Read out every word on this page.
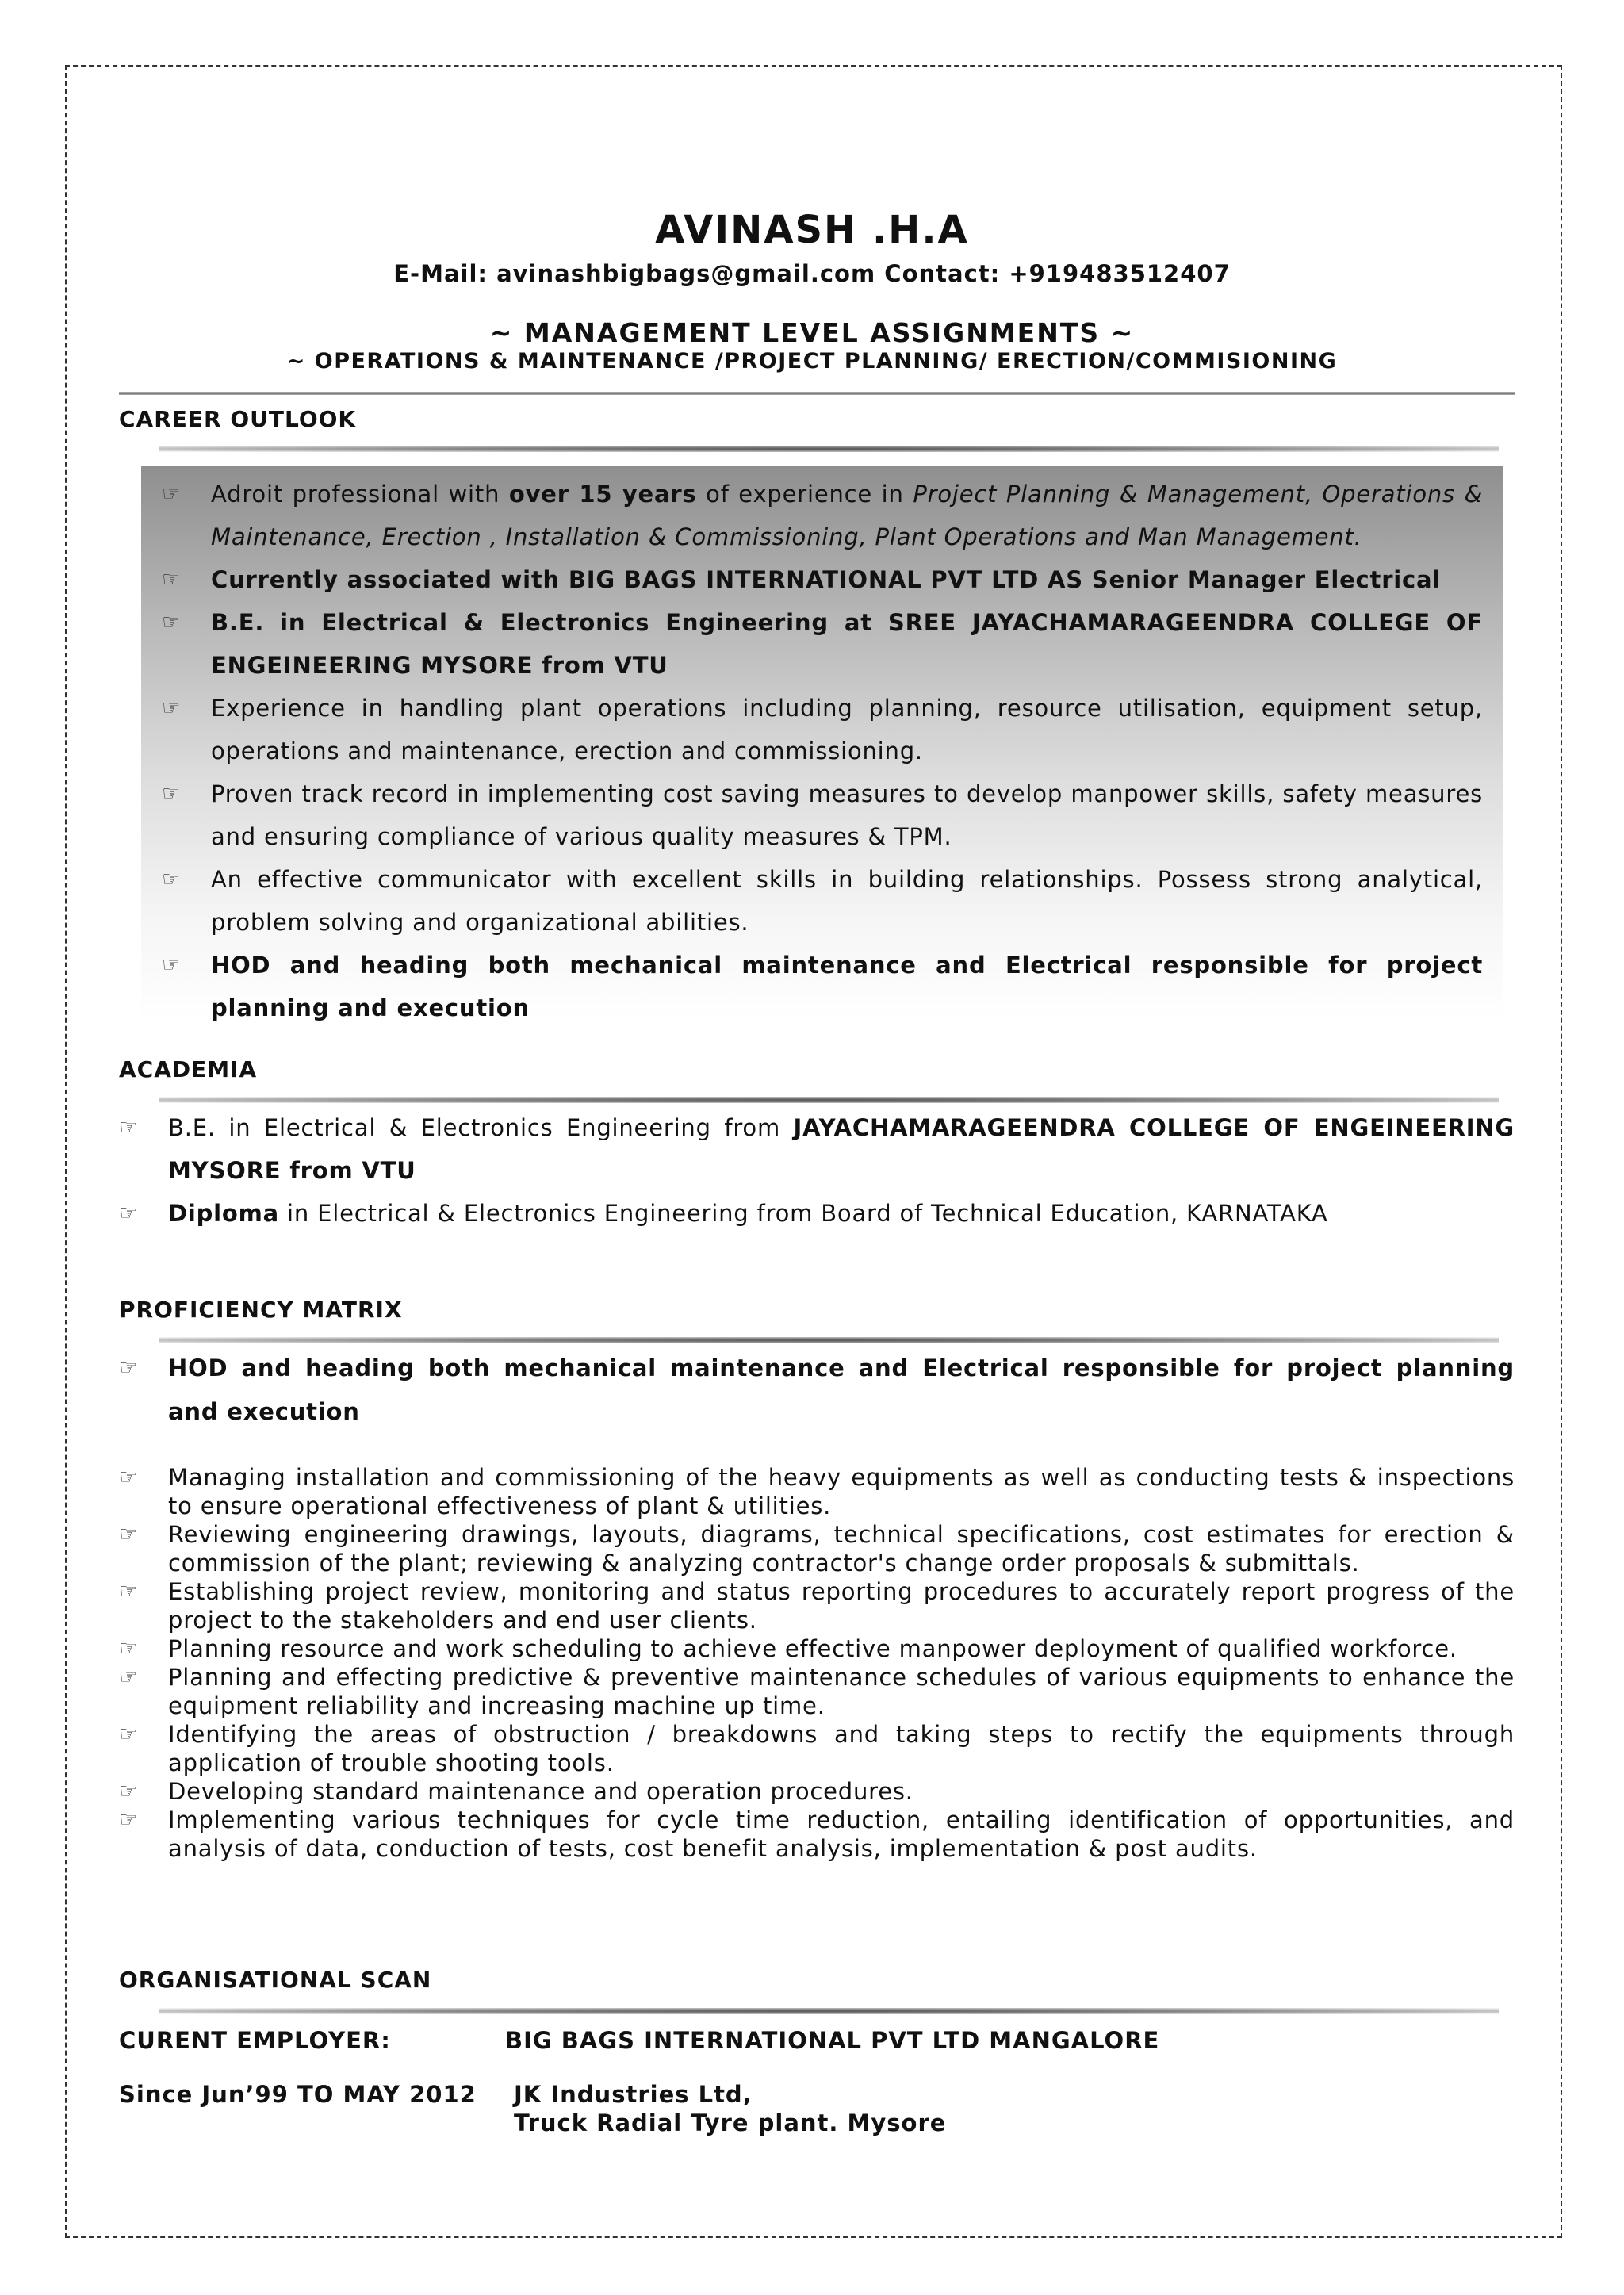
AVINASH .H.A
E-Mail: avinashbigbags@gmail.com Contact: +919483512407
~ MANAGEMENT LEVEL ASSIGNMENTS ~
~ OPERATIONS & MAINTENANCE /PROJECT PLANNING/ ERECTION/COMMISIONING
CAREER OUTLOOK
☞ Adroit professional with over 15 years of experience in Project Planning & Management, Operations & Maintenance, Erection , Installation & Commissioning, Plant Operations and Man Management.
☞ Currently associated with BIG BAGS INTERNATIONAL PVT LTD AS Senior Manager Electrical
☞ B.E. in Electrical & Electronics Engineering at SREE JAYACHAMARAGEENDRA COLLEGE OF ENGEINEERING MYSORE from VTU
☞ Experience in handling plant operations including planning, resource utilisation, equipment setup, operations and maintenance, erection and commissioning.
☞ Proven track record in implementing cost saving measures to develop manpower skills, safety measures and ensuring compliance of various quality measures & TPM.
☞ An effective communicator with excellent skills in building relationships. Possess strong analytical, problem solving and organizational abilities.
☞ HOD and heading both mechanical maintenance and Electrical responsible for project planning and execution
ACADEMIA
☞ B.E. in Electrical & Electronics Engineering from JAYACHAMARAGEENDRA COLLEGE OF ENGEINEERING MYSORE from VTU
☞ Diploma in Electrical & Electronics Engineering from Board of Technical Education, KARNATAKA
PROFICIENCY MATRIX
☞ HOD and heading both mechanical maintenance and Electrical responsible for project planning and execution
☞ Managing installation and commissioning of the heavy equipments as well as conducting tests & inspections to ensure operational effectiveness of plant & utilities.
☞ Reviewing engineering drawings, layouts, diagrams, technical specifications, cost estimates for erection & commission of the plant; reviewing & analyzing contractor's change order proposals & submittals.
☞ Establishing project review, monitoring and status reporting procedures to accurately report progress of the project to the stakeholders and end user clients.
☞ Planning resource and work scheduling to achieve effective manpower deployment of qualified workforce.
☞ Planning and effecting predictive & preventive maintenance schedules of various equipments to enhance the equipment reliability and increasing machine up time.
☞ Identifying the areas of obstruction / breakdowns and taking steps to rectify the equipments through application of trouble shooting tools.
☞ Developing standard maintenance and operation procedures.
☞ Implementing various techniques for cycle time reduction, entailing identification of opportunities, and analysis of data, conduction of tests, cost benefit analysis, implementation & post audits.
ORGANISATIONAL SCAN
CURENT EMPLOYER:	BIG BAGS INTERNATIONAL PVT LTD MANGALORE
Since Jun’99 TO MAY 2012 JK Industries Ltd,
Truck Radial Tyre plant. Mysore
